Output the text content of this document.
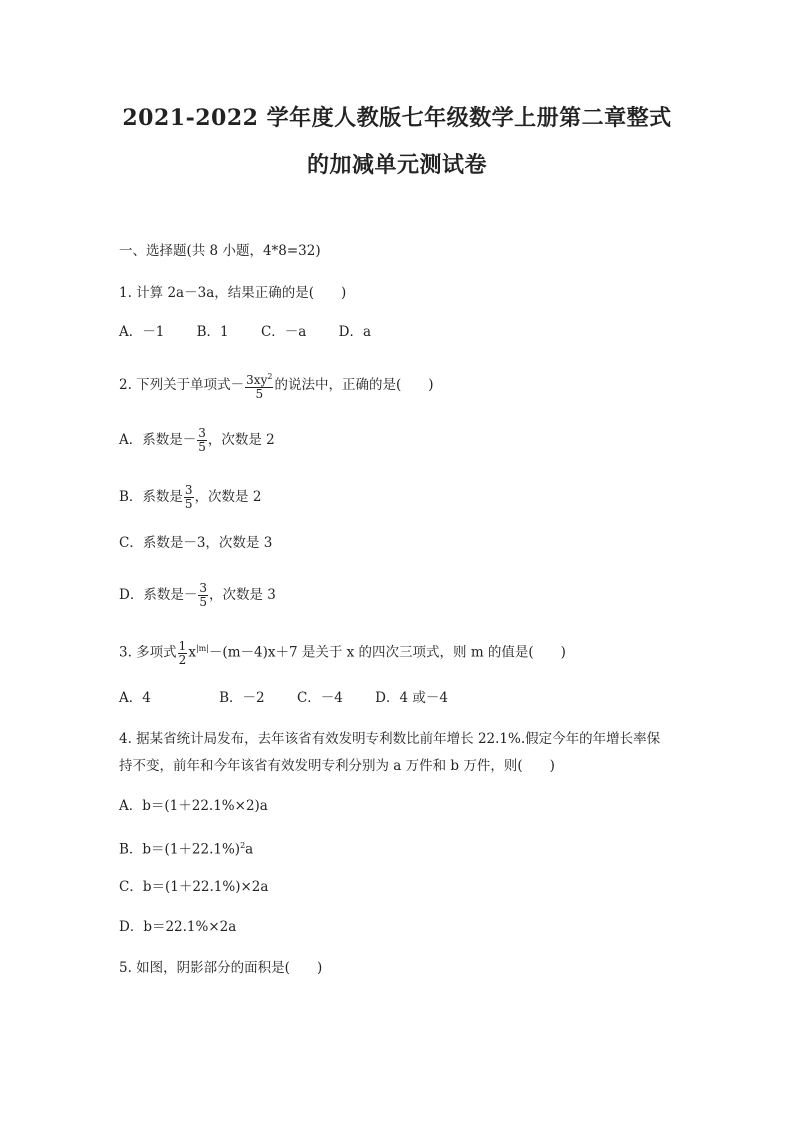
2021-2022 学年度人教版七年级数学上册第二章整式
的加减单元测试卷
一、选择题(共 8 小题，4*8=32)
1. 计算 2a－3a，结果正确的是(　　)
A．－1 B．1 C．－a D．a
2. 下列关于单项式－ $\frac{3xy^2}{5}$ 的说法中，正确的是(　　)
A．系数是－ $\frac{3}{5}$ ，次数是 2
B．系数是 $\frac{3}{5}$ ，次数是 2
C．系数是－3，次数是 3
D．系数是－ $\frac{3}{5}$ ，次数是 3
3. 多项式 $\frac{1}{2} x^{|m|}-(m-4)x+7$ 是关于 x 的四次三项式，则 m 的值是(　　)
A．4	B．－2 C．－4 D．4 或－4
4. 据某省统计局发布，去年该省有效发明专利数比前年增长 22.1%.假定今年的年增长率保
持不变，前年和今年该省有效发明专利分别为 a 万件和 b 万件，则(　　)
A．b＝(1＋22.1%×2)a
B．$b=(1+22.1\%)^2a$
C．b＝(1＋22.1%)×2a
D．b＝22.1%×2a
5. 如图，阴影部分的面积是(　　)
